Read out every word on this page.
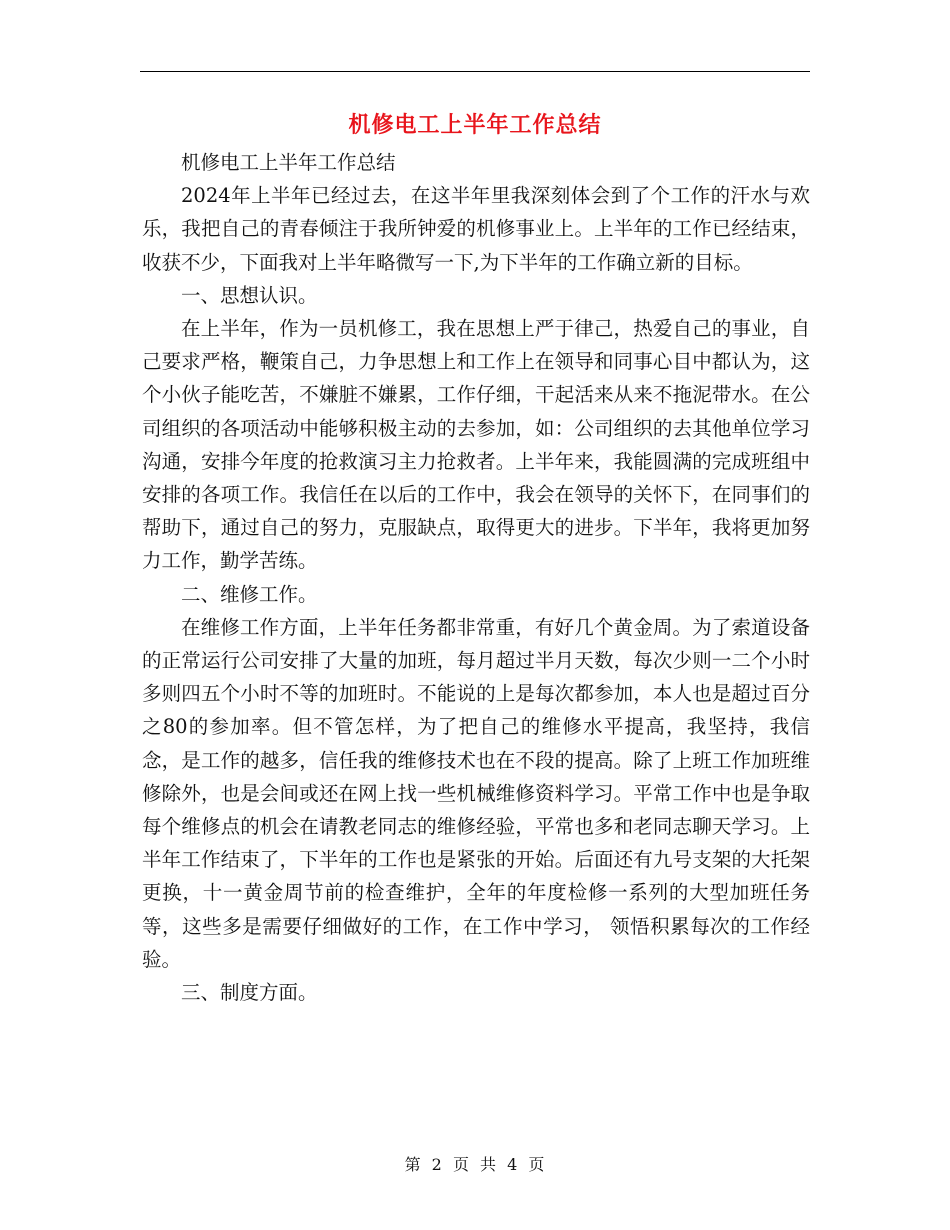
机修电工上半年工作总结

机修电工上半年工作总结

2024年上半年已经过去，在这半年里我深刻体会到了个工作的汗水与欢乐，我把自己的青春倾注于我所钟爱的机修事业上。上半年的工作已经结束，收获不少，下面我对上半年略微写一下,为下半年的工作确立新的目标。

一、思想认识。

在上半年，作为一员机修工，我在思想上严于律己，热爱自己的事业，自己要求严格，鞭策自己，力争思想上和工作上在领导和同事心目中都认为，这个小伙子能吃苦，不嫌脏不嫌累，工作仔细，干起活来从来不拖泥带水。在公司组织的各项活动中能够积极主动的去参加，如：公司组织的去其他单位学习沟通，安排今年度的抢救演习主力抢救者。上半年来，我能圆满的完成班组中安排的各项工作。我信任在以后的工作中，我会在领导的关怀下，在同事们的帮助下，通过自己的努力，克服缺点，取得更大的进步。下半年，我将更加努力工作，勤学苦练。

二、维修工作。

在维修工作方面，上半年任务都非常重，有好几个黄金周。为了索道设备的正常运行公司安排了大量的加班，每月超过半月天数，每次少则一二个小时多则四五个小时不等的加班时。不能说的上是每次都参加，本人也是超过百分之80的参加率。但不管怎样，为了把自己的维修水平提高，我坚持，我信念，是工作的越多，信任我的维修技术也在不段的提高。除了上班工作加班维修除外，也是会间或还在网上找一些机械维修资料学习。平常工作中也是争取每个维修点的机会在请教老同志的维修经验，平常也多和老同志聊天学习。上半年工作结束了，下半年的工作也是紧张的开始。后面还有九号支架的大托架更换，十一黄金周节前的检查维护，全年的年度检修一系列的大型加班任务等，这些多是需要仔细做好的工作，在工作中学习， 领悟积累每次的工作经验。

三、制度方面。

第 2 页 共 4 页
